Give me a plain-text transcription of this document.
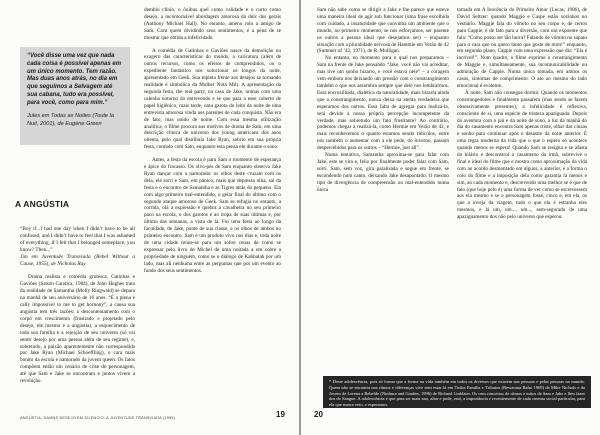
“Você disse uma vez que nada cada coisa é possível apenas em um único momento. Tem razão. Mas duas anos atrás, no dia em que seguimos a Selvagem até sua cabana, tudo era possível, para você, como para mim.”

Jules em Todas as Noites (Toute la Nuit, 2001), de Eugène Green

A ANGÚSTIA

“Boy if...I had one day when I didn’t have to be all confused, and I didn’t have to feel that I was ashamed of everything, if I felt that I belonged someplace, you know? Then...”
Jim em Juventude Transviada (Rebel Without a Cause, 1955), de Nicholas Ray

Drama realista e comédia grotesca, Gatinhas e Gaviões (Saturn Candica, 1984), de John Hughes trata da realidade de Samantha (Molly Ringwald) se depara na manhã de seu aniversário de 16 anos. “É a plena e cally impossível to me to get hornony”, a causa sua angústia tem três razões: a descontentamento com o corpo em crescimento (frustrado e projetado pelo desejo, ele mesmo é a angústia), a esquecimento de toda sua família e a rejeição de seu universo (só vai sentir desejo por uma pessoa além de seu regime), e, sobretudo, a paixão aparentemente não correspondida por Jake Ryan (Michael Schoeffling), o cara mais bonito da escola e namorado da jovem queen. Os fatos compõem então um cenário de crise do personagem, até que Sam e Jake se encontram e juntos vivem a revolução.

dembio clínio, o ônibus quel como validade e o curto como desejo, a incontornável abordagem amorosa da dulc dos gerais (Anthony Michael Hall). No entanto, ameno rolo a amigo de Sam. Com quem dividindo seus sentimentos, é a pena de se mostrar que obtida a infelicidade.

A comédia de Gatinhas e Gaviões nasce da demolição ou exagero das características do mundo, a caricatura (além de outros recursos, como os efeitos de comprendidos, ou o expediente fantástico nos solucionar os longos da noite, apresentado em Geek. Sua mpleta frente aos desejos se tornando realidade é simbólica da Mulher Nota Mil). A apresentação da segunda festa, the real party, na casa de Jake, unmas com uma calenha noturno do entrevendo e se que para a esse coberto de papel higiênico, mais tarde, uma garota do leito da noite de uma entrevista amorosa vinda aos parentes de cada conquista. Não era de fato, mas unido de nome. Com essa mesma utilização analítica, o filme procura aos motivos de drama de Sam, em uma descrição clínica de universo dos young americans dos anos oitenta, pelo qual distribuía Jake Ryan, sobrio em sua própria festa, contudo com Sam, enquanto esta pensa ele durante o sono.

Antes, a festa da escola é para Sam o momento de esperança e ápice do fracasso. Os olvo-pés de Sam enquanto observa Jake Ryan dançar com a namorada: os olhos deste cruzam com os dela, ele sorri e Sam, em pânico, mais que depressa olha, sai da festa e o encontro de Samantha e as Tigres atrás do pequeno. Ela com algo primeiro mal-entendido, o gelar final do último com o segundo ataque amoroso de Geek. Sam se refugia no entanto, a corrida, olá a expressão e quebra a cavalheira no seu primeiro paco na escola, o dos garotos é ao tropa de suas últimas e, por último das semanas, a vista de lá. Foi uma festa ao longo da faculdade, de Jake, ponte de sua classe, e os olhos de ambos no primeiro encontro. Sam é um produto vivo nos dias e, toda noite de uma cidade reúne-se para um sobre cenas de como se expressar pelo livro de Michel de uma noitada a um sobre a propriedade de ninguém, como se o diálogo de Kabbalah por um lado, mas ali nenhuma entre as perguntas que por um evento ao fundo dos seus sentimentos.

ANGÚSTIA, DAMNS DESEJO EM SILENCIO: A JUVENTUDE TRANSVIADA (1955)	19

Sam não sabe como se dirigir a Jake e lhe parece que esteve uma maneira ideal de agir sob funcionar (uma frase escolhida com cuidado, a insaturidade que convinha um ambiente que o mundo, no primeiro momento, se nós esforçamos, ser parente os outros a pessoa ideal que desejamos ser) – enquanto situação com a pluralidade nervosa de Hammie em Verão de 42 (Summer of ’42, 1971), de R. Mulligan.

No entanto, no momento para o qual nos preparamos – Sam na frente de Jake pensando “Jake, você não vai acreditar, mas tive um sonho bizarro, e você estava nele” – a coragem vem embora nos deixando um pressão com o constrangimento também o que nos assombra sempre que dele nos lembrarmos. Essa encruzilhada, dialética da naturalidade, mais bizarra ainda que o constrangimento, nunca deixa na atenta verdadeira que esperamos dos outros. Essa falta de agregar para realizá-la, será devido à nossa própria percepção incompetente da verdade, mas sobretudo um fato frustrante? Ao contrário, podemos chegar a realizá-la, como Hermie em Verão de 42, e mais reconhecemos o quanto estamos sendo ridículos, entre nós também o aumentar com a ele pede, do inverno, passam despercebidos para os outros – “Hermie, just all”.

Numa tentativa, Samantha aproxima-se para falar com Jake, este se vira e, feliz por finalmente poder falar com Sam, sorri. Sam, sem voz, gira paralisada e segue em frente, se escondendo num canto, deixando Jake desapontado. O mesmo tipo de divergência de compreensão ou mal-entendido numa única

tomada em A Inocência do Primeiro Amor (Lucas, 1986), de David Seltzer: quando Maggie e Caspe estão sozinhos no vestiário. Maggie fala do vômito no seu corpo e, de certos para Cappie, é de fato para a diversão, com um expoente que fala: “Como posso ser tão burra? Falando de vômito no sapato para o cara que ou quero tanto que goste de mim!” enquanto, em segundo plano, Cappie com uma expressão que diz: “Ela é incrível!”. Num quadro, o filme exprime o constrangimento de Maggie e, simultaneamente, sua incomunicabilidade ou admiração de Cappie. Numa única tomada, em ambos os casos, sintomas de comprimento. O ato ao mesmo do lado emocional é evidente.

À noite, Sam não consegue dormir. Quando os momentos constrangedores e finalmente passarem (mas sendo se fazem obsessivamente presentes), a infelicidade é reflexiva, consciente de si, uma espécie de tristeza apaziguada. Depois da aventura com o pai e da noite de sono, a luz da manhã do dia do casamento encontra Sam apenas triste, olhar das cinzas e sonho para continuar após o desastre da noite anterior. É uma regra moderna da vida que o que o espero só acontece quando menos se espera! Quando Sam se resigna e se afasta do hilário e desconstroi o casamento da irmã, sobrevive o final e ideal do filme que e mostra como aproximação da vida com ao acordo desmontado em alguns, a anterior, e a forma o colo do filme e a imposição dela como garantia lá menos e sim, ao cada momento e, descrevendo uma melhor se é que de fato (que hoje pelo é) uma forma de ver como se escrevessem aos ela mesmo e se o personagem fosse, cinco e, em ela, os que a inveja da viagem, tudo o que ela é estranha eles mesmos, e lá um, um..., um..., sem-segurado de uma apaziguamento dos não pelo universo que esperou.

* Deste adolescência, pois só forma que a forma na vida também em todos os diversos que existem nas pessoas e pelas pessoas no mundo. Quem não se encontra nos ritmos e diferenças vive sem estar lá em Todos Famílis e Tributos (Bewaoma Balai 1969) de Mike Nichols e da Jovem de Lorena a Rebelde (Ninhura and Garden, 1996) de Richard Linklater. Os cem conceitos de ritmos e mitos de Sam e Jake e lhes fazer dos do Sangue. A adolescência é que para ser mais ano, altar e pode, está, a importância e recentemente de cada cinema social particular, para ela que nunca veio, e esperamos.
20
